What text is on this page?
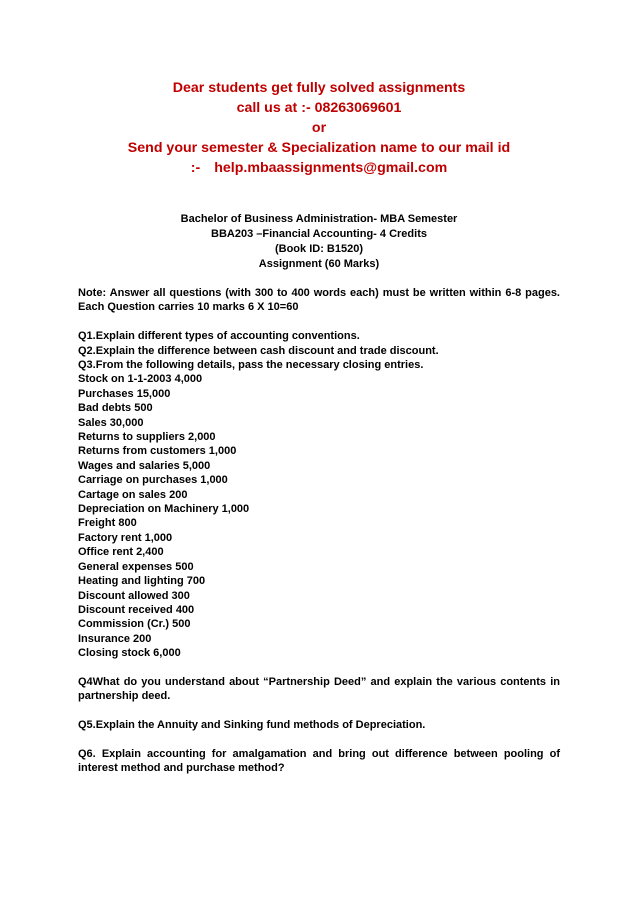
Dear students get fully solved assignments
call us at :- 08263069601
or
Send your semester & Specialization name to our mail id
:- help.mbaassignments@gmail.com
Bachelor of Business Administration- MBA Semester
BBA203 –Financial Accounting- 4 Credits
(Book ID: B1520)
Assignment (60 Marks)
Note: Answer all questions (with 300 to 400 words each) must be written within 6-8 pages. Each Question carries 10 marks 6 X 10=60
Q1.Explain different types of accounting conventions.
Q2.Explain the difference between cash discount and trade discount.
Q3.From the following details, pass the necessary closing entries.
Stock on 1-1-2003 4,000
Purchases 15,000
Bad debts 500
Sales 30,000
Returns to suppliers 2,000
Returns from customers 1,000
Wages and salaries 5,000
Carriage on purchases 1,000
Cartage on sales 200
Depreciation on Machinery 1,000
Freight 800
Factory rent 1,000
Office rent 2,400
General expenses 500
Heating and lighting 700
Discount allowed 300
Discount received 400
Commission (Cr.) 500
Insurance 200
Closing stock 6,000
Q4What do you understand about “Partnership Deed” and explain the various contents in partnership deed.
Q5.Explain the Annuity and Sinking fund methods of Depreciation.
Q6. Explain accounting for amalgamation and bring out difference between pooling of interest method and purchase method?
